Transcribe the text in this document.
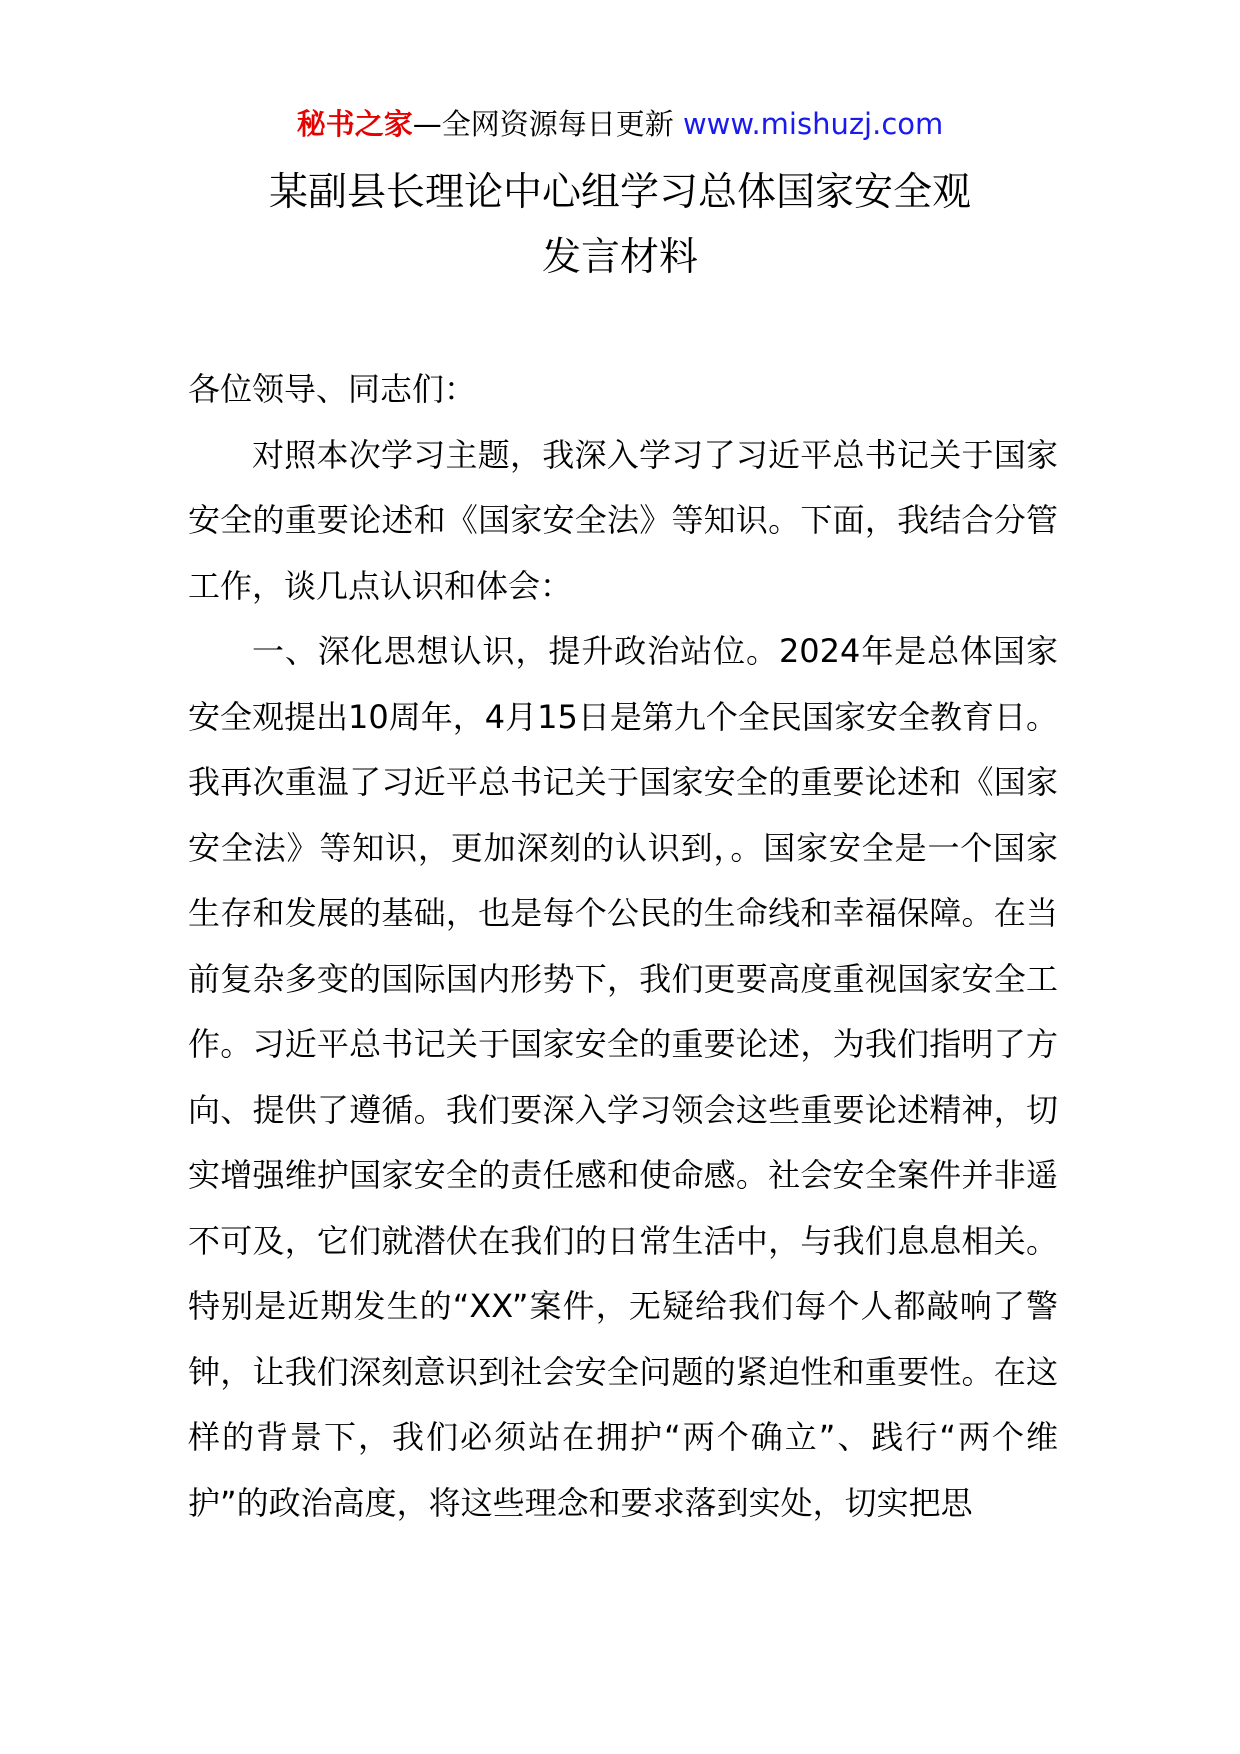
秘书之家—全网资源每日更新 www.mishuzj.com
某副县长理论中心组学习总体国家安全观
发言材料

各位领导、同志们：

对照本次学习主题，我深入学习了习近平总书记关于国家安全的重要论述和《国家安全法》等知识。下面，我结合分管工作，谈几点认识和体会：

一、深化思想认识，提升政治站位。2024年是总体国家安全观提出10周年，4月15日是第九个全民国家安全教育日。我再次重温了习近平总书记关于国家安全的重要论述和《国家安全法》等知识，更加深刻的认识到，。国家安全是一个国家生存和发展的基础，也是每个公民的生命线和幸福保障。在当前复杂多变的国际国内形势下，我们更要高度重视国家安全工作。习近平总书记关于国家安全的重要论述，为我们指明了方向、提供了遵循。我们要深入学习领会这些重要论述精神，切实增强维护国家安全的责任感和使命感。社会安全案件并非遥不可及，它们就潜伏在我们的日常生活中，与我们息息相关。特别是近期发生的“XX”案件，无疑给我们每个人都敲响了警钟，让我们深刻意识到社会安全问题的紧迫性和重要性。在这样的背景下，我们必须站在拥护“两个确立”、践行“两个维护”的政治高度，将这些理念和要求落到实处，切实把思
